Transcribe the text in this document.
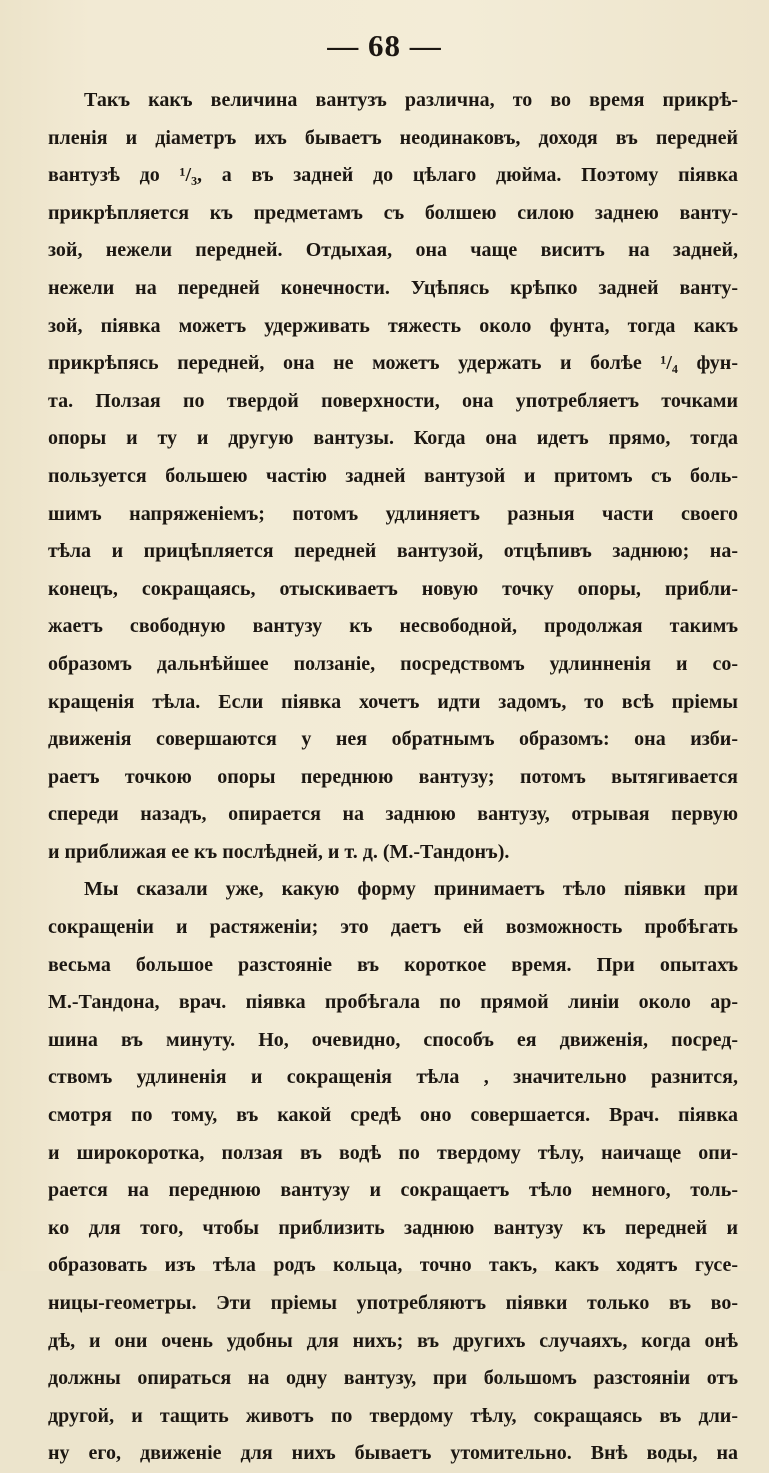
— 68 —
Такъ какъ величина вантузъ различна, то во время прикрѣ-
пленія и діаметръ ихъ бываетъ неодинаковъ, доходя въ передней
вантузѣ до ¹/₃, а въ задней до цѣлаго дюйма. Поэтому піявка
прикрѣпляется къ предметамъ съ болшею силою заднею ванту-
зой, нежели передней. Отдыхая, она чаще виситъ на задней,
нежели на передней конечности. Уцѣпясь крѣпко задней ванту-
зой, піявка можетъ удерживать тяжесть около фунта, тогда какъ
прикрѣпясь передней, она не можетъ удержать и болѣе ¹/₄ фун-
та. Ползая по твердой поверхности, она употребляетъ точками
опоры и ту и другую вантузы. Когда она идетъ прямо, тогда
пользуется большею частію задней вантузой и притомъ съ боль-
шимъ напряженіемъ; потомъ удлиняетъ разныя части своего
тѣла и прицѣпляется передней вантузой, отцѣпивъ заднюю; на-
конецъ, сокращаясь, отыскиваетъ новую точку опоры, прибли-
жаетъ свободную вантузу къ несвободной, продолжая такимъ
образомъ дальнѣйшее ползаніе, посредствомъ удлинненія и со-
кращенія тѣла. Если піявка хочетъ идти задомъ, то всѣ пріемы
движенія совершаются у нея обратнымъ образомъ: она изби-
раетъ точкою опоры переднюю вантузу; потомъ вытягивается
спереди назадъ, опирается на заднюю вантузу, отрывая первую
и приближая ее къ послѣдней, и т. д. (М.-Тандонъ).
Мы сказали уже, какую форму принимаетъ тѣло піявки при
сокращеніи и растяженіи; это даетъ ей возможность пробѣгать
весьма большое разстояніе въ короткое время. При опытахъ
М.-Тандона, врач. піявка пробѣгала по прямой линіи около ар-
шина въ минуту. Но, очевидно, способъ ея движенія, посред-
ствомъ удлиненія и сокращенія тѣла , значительно разнится,
смотря по тому, въ какой средѣ оно совершается. Врач. піявка
и широкоротка, ползая въ водѣ по твердому тѣлу, наичаще опи-
рается на переднюю вантузу и сокращаетъ тѣло немного, толь-
ко для того, чтобы приблизить заднюю вантузу къ передней и
образовать изъ тѣла родъ кольца, точно такъ, какъ ходятъ гусе-
ницы-геометры. Эти пріемы употребляютъ піявки только въ во-
дѣ, и они очень удобны для нихъ; въ другихъ случаяхъ, когда онѣ
должны опираться на одну вантузу, при большомъ разстояніи отъ
другой, и тащить животъ по твердому тѣлу, сокращаясь въ дли-
ну его, движеніе для нихъ бываетъ утомительно. Внѣ воды, на
